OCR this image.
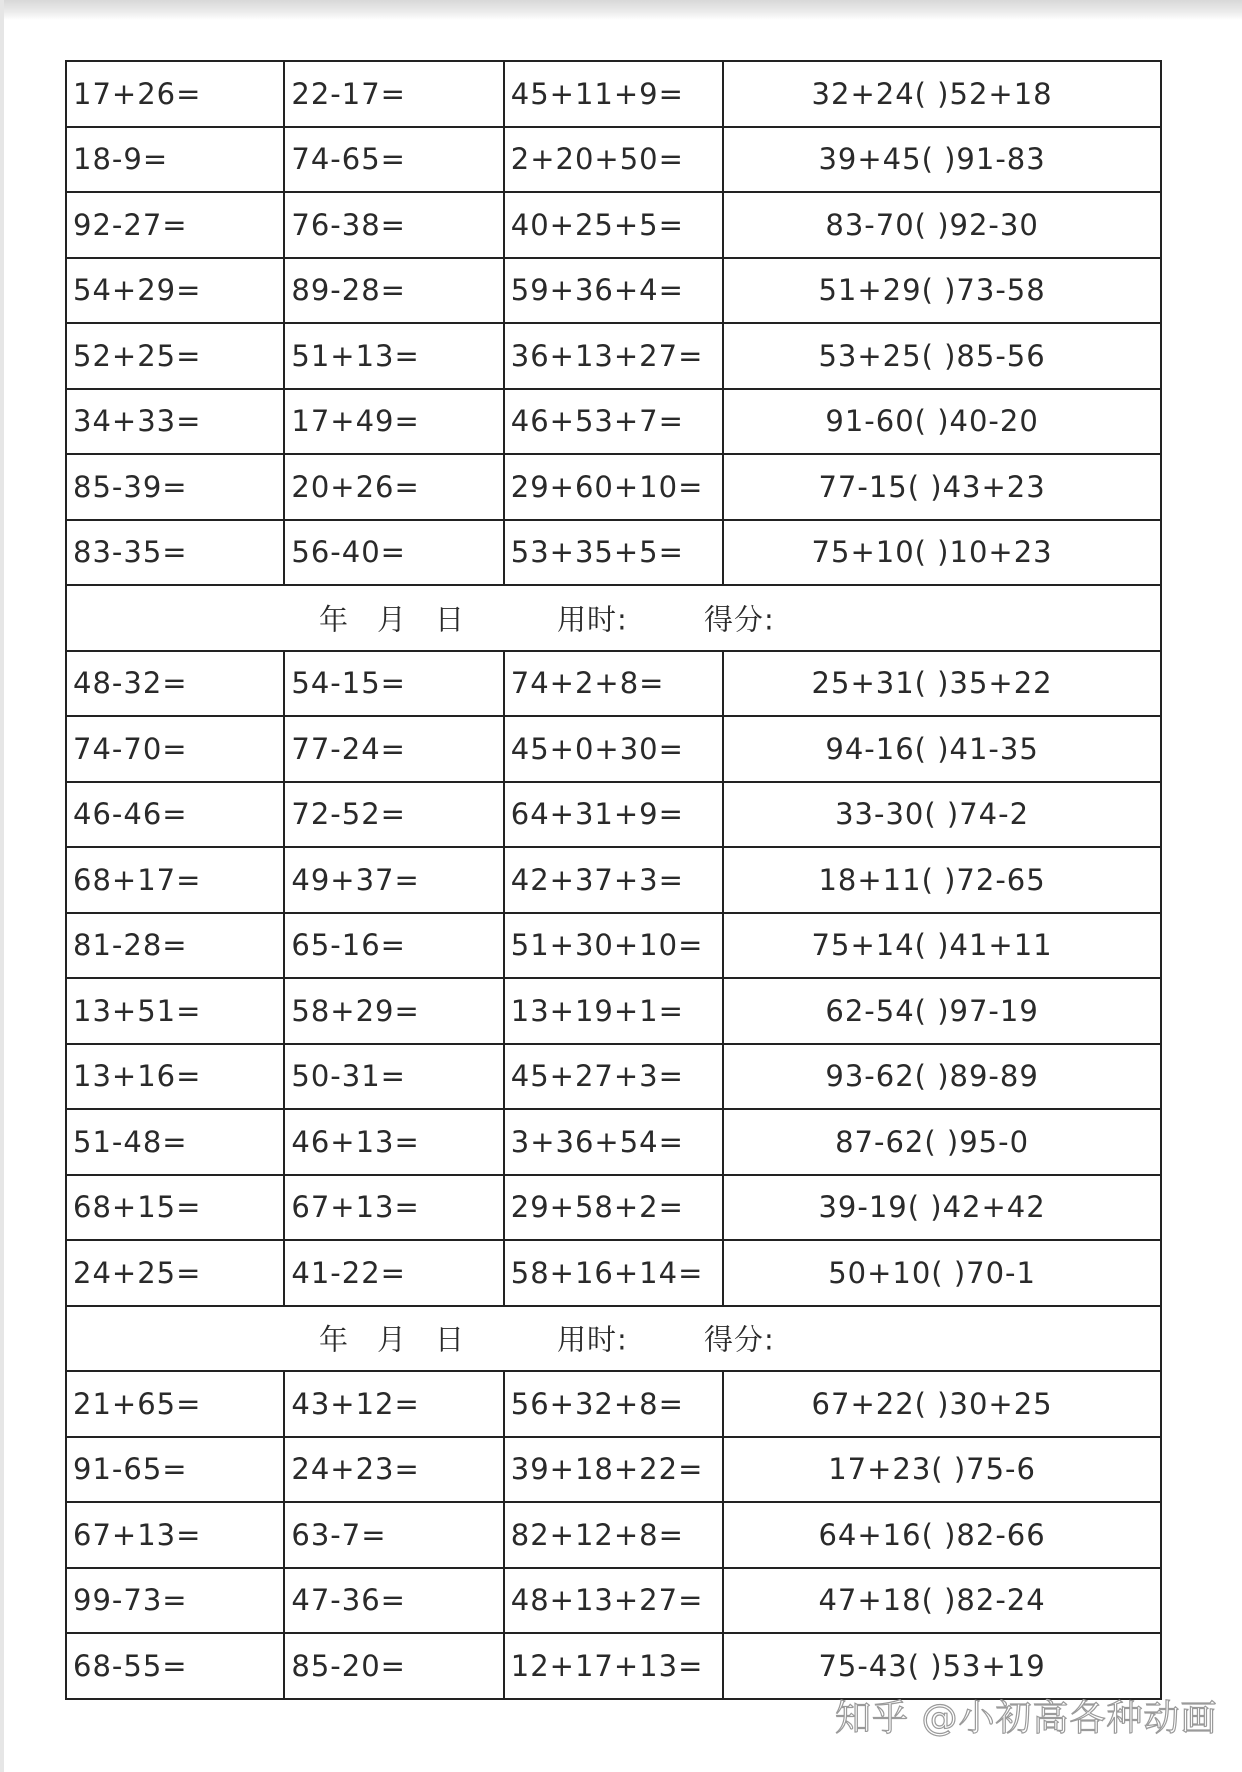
17+26=	22-17=	45+11+9=	32+24( )52+18
18-9=	74-65=	2+20+50=	39+45( )91-83
92-27=	76-38=	40+25+5=	83-70( )92-30
54+29=	89-28=	59+36+4=	51+29( )73-58
52+25=	51+13=	36+13+27=	53+25( )85-56
34+33=	17+49=	46+53+7=	91-60( )40-20
85-39=	20+26=	29+60+10=	77-15( )43+23
83-35=	56-40=	53+35+5=	75+10( )10+23

年 月 日 用时: 得分:			

48-32=	54-15=	74+2+8=	25+31( )35+22
74-70=	77-24=	45+0+30=	94-16( )41-35
46-46=	72-52=	64+31+9=	33-30( )74-2
68+17=	49+37=	42+37+3=	18+11( )72-65
81-28=	65-16=	51+30+10=	75+14( )41+11
13+51=	58+29=	13+19+1=	62-54( )97-19
13+16=	50-31=	45+27+3=	93-62( )89-89
51-48=	46+13=	3+36+54=	87-62( )95-0
68+15=	67+13=	29+58+2=	39-19( )42+42
24+25=	41-22=	58+16+14=	50+10( )70-1

年 月 日 用时: 得分:			

21+65=	43+12=	56+32+8=	67+22( )30+25
91-65=	24+23=	39+18+22=	17+23( )75-6
67+13=	63-7=	82+12+8=	64+16( )82-66
99-73=	47-36=	48+13+27=	47+18( )82-24
68-55=	85-20=	12+17+13=	75-43( )53+19
知乎 @小初高各种动画
